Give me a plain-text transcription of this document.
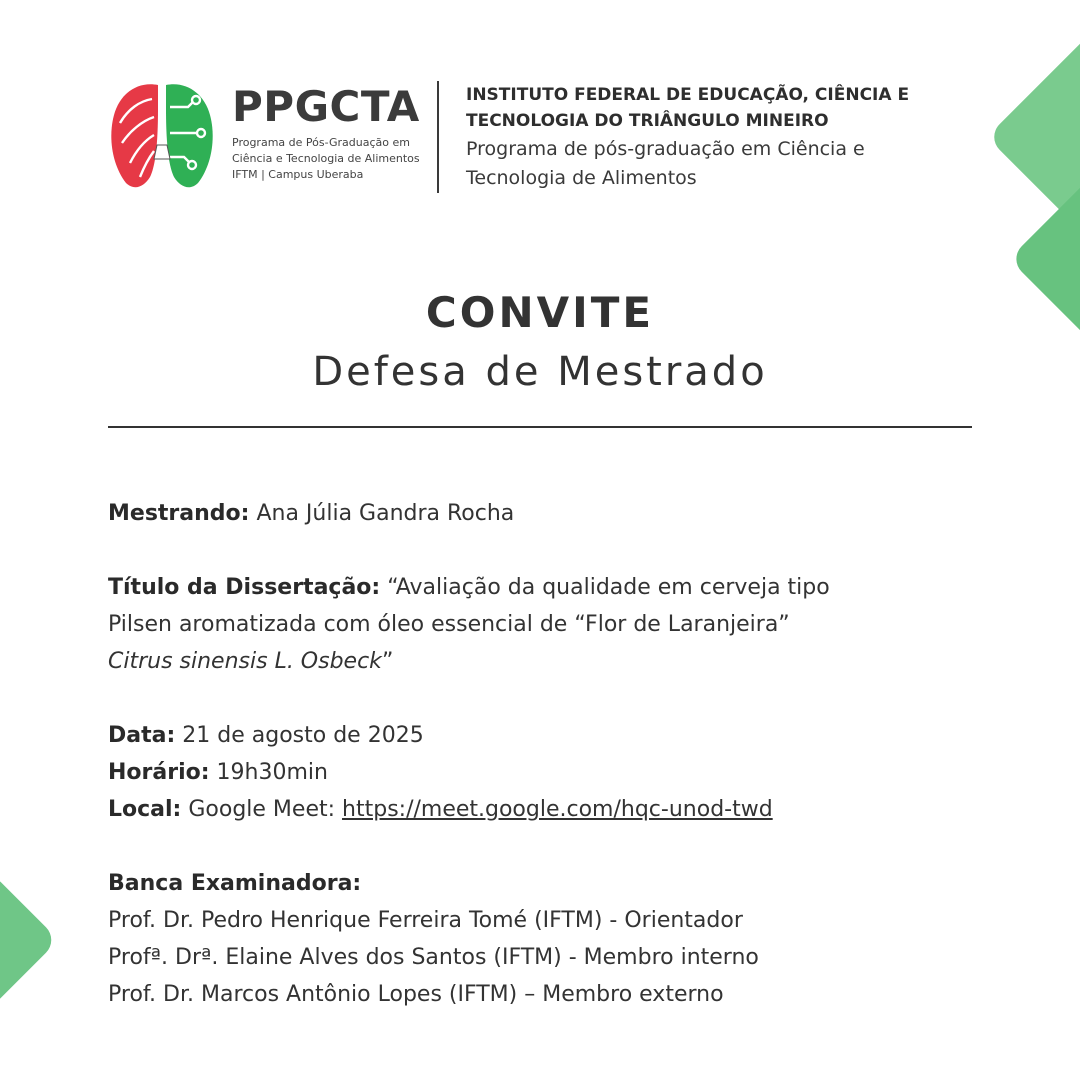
PPGCTA
Programa de Pós-Graduação em
Ciência e Tecnologia de Alimentos
IFTM | Campus Uberaba
INSTITUTO FEDERAL DE EDUCAÇÃO, CIÊNCIA E
TECNOLOGIA DO TRIÂNGULO MINEIRO
Programa de pós-graduação em Ciência e
Tecnologia de Alimentos
CONVITE
Defesa de Mestrado

Mestrando: Ana Júlia Gandra Rocha

Título da Dissertação: “Avaliação da qualidade em cerveja tipo

Pilsen aromatizada com óleo essencial de “Flor de Laranjeira”

Citrus sinensis L. Osbeck”

Data: 21 de agosto de 2025

Horário: 19h30min

Local: Google Meet: https://meet.google.com/hqc-unod-twd

Banca Examinadora:

Prof. Dr. Pedro Henrique Ferreira Tomé (IFTM) - Orientador

Profª. Drª. Elaine Alves dos Santos (IFTM) - Membro interno

Prof. Dr. Marcos Antônio Lopes (IFTM) – Membro externo
